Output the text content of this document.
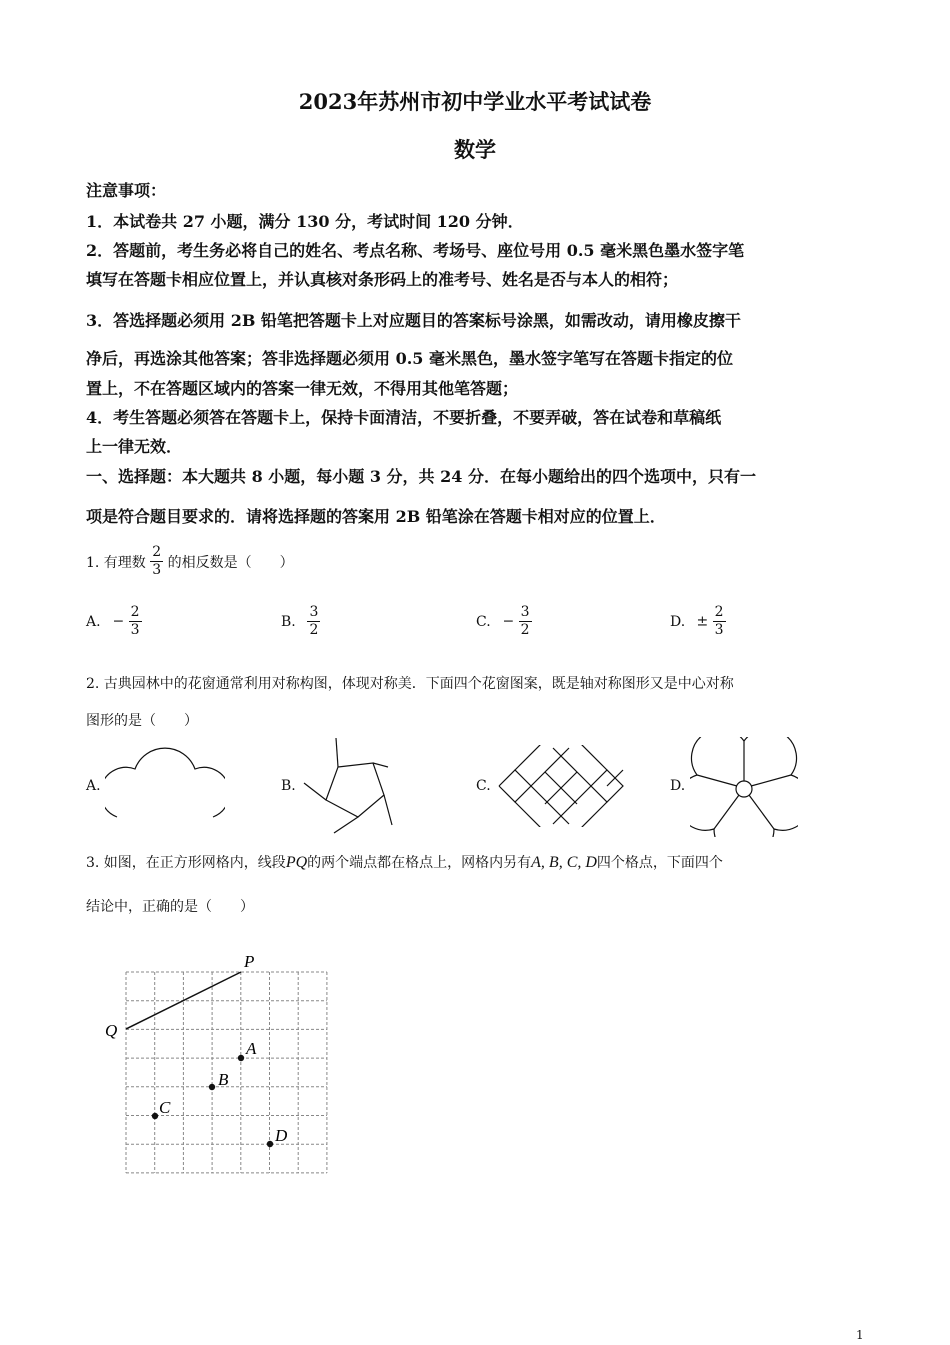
2023年苏州市初中学业水平考试试卷
数学
注意事项：
1．本试卷共 27 小题，满分 130 分，考试时间 120 分钟．
2．答题前，考生务必将自己的姓名、考点名称、考场号、座位号用 0.5 毫米黑色墨水签字笔
填写在答题卡相应位置上，并认真核对条形码上的准考号、姓名是否与本人的相符；
3．答选择题必须用 2B 铅笔把答题卡上对应题目的答案标号涂黑，如需改动，请用橡皮擦干
净后，再选涂其他答案；答非选择题必须用 0.5 毫米黑色，墨水签字笔写在答题卡指定的位
置上，不在答题区域内的答案一律无效，不得用其他笔答题；
4．考生答题必须答在答题卡上，保持卡面清洁，不要折叠，不要弄破，答在试卷和草稿纸
上一律无效．
一、选择题：本大题共 8 小题，每小题 3 分，共 24 分．在每小题给出的四个选项中，只有一
项是符合题目要求的．请将选择题的答案用 2B 铅笔涂在答题卡相对应的位置上．
1. 有理数 $\frac{2}{3}$ 的相反数是（　　）
A. − $\frac{2}{3}$	B. $\frac{3}{2}$	C. − $\frac{3}{2}$	D. ± $\frac{2}{3}$
2. 古典园林中的花窗通常利用对称构图，体现对称美．下面四个花窗图案，既是轴对称图形又是中心对称
图形的是（　　）
A.	B.	C.	D.
3. 如图，在正方形网格内，线段PQ的两个端点都在格点上，网格内另有A, B, C, D四个格点，下面四个
结论中，正确的是（　　）
P
Q
A
B
C
D
1
